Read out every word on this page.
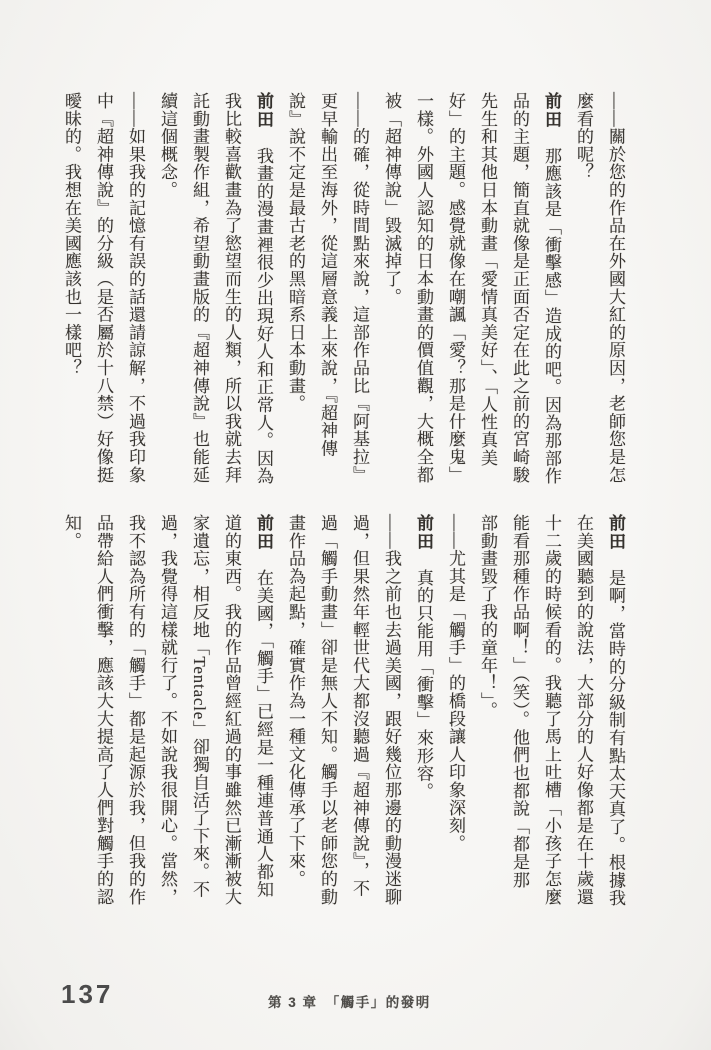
——關於您的作品在外國大紅的原因，老師您是怎
麼看的呢？
前田　那應該是「衝擊感」造成的吧。因為那部作
品的主題，簡直就像是正面否定在此之前的宮崎駿
先生和其他日本動畫「愛情真美好」、「人性真美
好」的主題。感覺就像在嘲諷「愛？那是什麼鬼」
一樣。外國人認知的日本動畫的價值觀，大概全都
被「超神傳說」毀滅掉了。
——的確，從時間點來說，這部作品比『阿基拉』
更早輸出至海外，從這層意義上來說，『超神傳
說』說不定是最古老的黑暗系日本動畫。
前田　我畫的漫畫裡很少出現好人和正常人。因為
我比較喜歡畫為了慾望而生的人類，所以我就去拜
託動畫製作組，希望動畫版的『超神傳說』也能延
續這個概念。
——如果我的記憶有誤的話還請諒解，不過我印象
中『超神傳說』的分級（是否屬於十八禁）好像挺
曖昧的。我想在美國應該也一樣吧？
前田　是啊，當時的分級制有點太天真了。根據我
在美國聽到的說法，大部分的人好像都是在十歲還
十二歲的時候看的。我聽了馬上吐槽「小孩子怎麼
能看那種作品啊！」（笑）。他們也都說「都是那
部動畫毀了我的童年！」。
——尤其是「觸手」的橋段讓人印象深刻。
前田　真的只能用「衝擊」來形容。
——我之前也去過美國，跟好幾位那邊的動漫迷聊
過，但果然年輕世代大都沒聽過『超神傳說』，不
過「觸手動畫」卻是無人不知。觸手以老師您的動
畫作品為起點，確實作為一種文化傳承了下來。
前田　在美國，「觸手」已經是一種連普通人都知
道的東西。我的作品曾經紅過的事雖然已漸漸被大
家遺忘，相反地「Tentacle」卻獨自活了下來。不
過，我覺得這樣就行了。不如說我很開心。當然，
我不認為所有的「觸手」都是起源於我，但我的作
品帶給人們衝擊，應該大大提高了人們對觸手的認
知。
137	第 3 章　「觸手」的發明
